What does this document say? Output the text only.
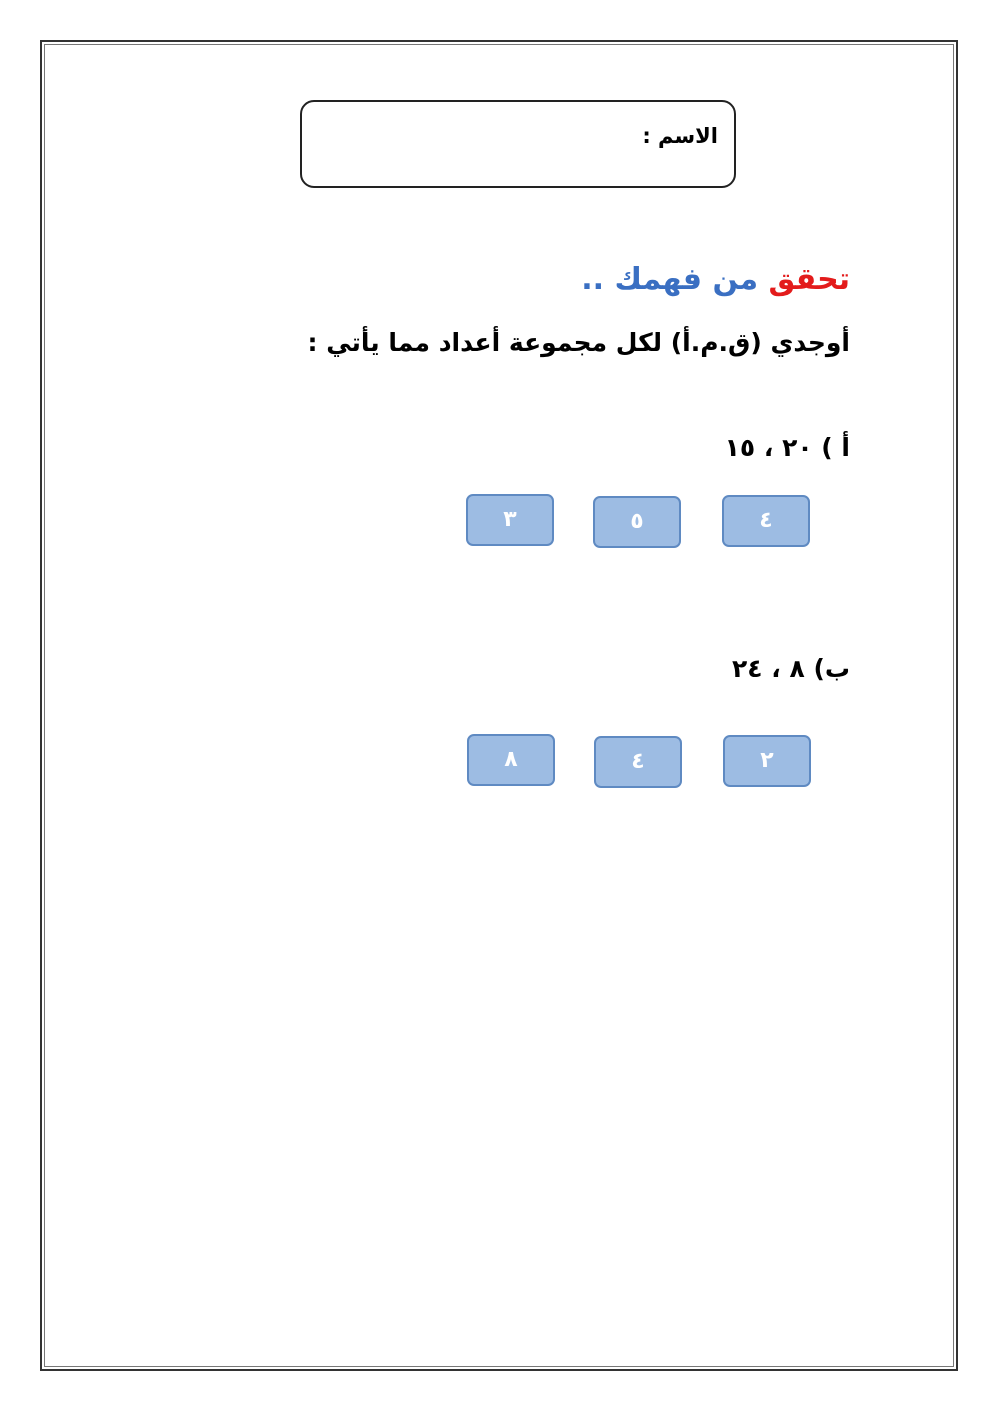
الاسم :
تحقق من فهمك ..
أوجدي (ق.م.أ) لكل مجموعة أعداد مما يأتي :
أ ) ٢٠ ، ١٥
٤
٥
٣
ب) ٨ ، ٢٤
٢
٤
٨
